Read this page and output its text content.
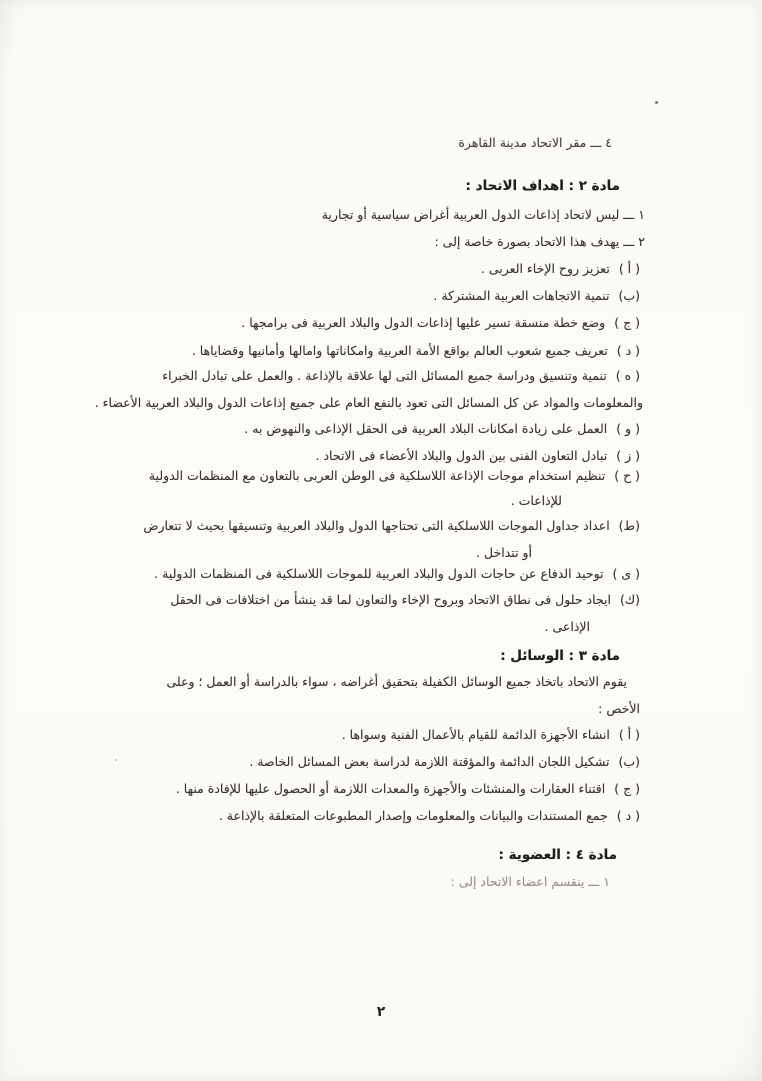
٤ ـــ مقر الاتحاد مدينة القاهرة
مادة ٢ : اهداف الاتحاد :
١ ـــ ليس لاتحاد إذاعات الدول العربية أغراض سياسية أو تجارية
٢ ـــ يهدف هذا الاتحاد بصورة خاصة إلى :
( أ )تعزيز روح الإخاء العربى .
(ب)تنمية الاتجاهات العربية المشتركة .
( ج )وضع خطة منسقة تسير عليها إذاعات الدول والبلاد العربية فى برامجها .
( د )تعريف جميع شعوب العالم بواقع الأمة العربية وامكاناتها وامالها وأمانيها وقضاياها .
( ه )تنمية وتنسيق ودراسة جميع المسائل التى لها علاقة بالإذاعة . والعمل على تبادل الخبراء
والمعلومات والمواد عن كل المسائل التى تعود بالنفع العام على جميع إذاعات الدول والبلاد العربية الأعضاء .
( و )العمل على زيادة امكانات البلاد العربية فى الحقل الإذاعى والنهوض به .
( ز )تبادل التعاون الفنى بين الدول والبلاد الأعضاء فى الاتحاد .
( ح )تنظيم استخدام موجات الإذاعة اللاسلكية فى الوطن العربى بالتعاون مع المنظمات الدولية
للإذاعات .
(ط)اعداد جداول الموجات اللاسلكية التى تحتاجها الدول والبلاد العربية وتنسيقها بحيث لا تتعارض
أو تتداخل .
( ى )توحيد الدفاع عن حاجات الدول والبلاد العربية للموجات اللاسلكية فى المنظمات الدولية .
(ك)ايجاد حلول فى نطاق الاتحاد وبروح الإخاء والتعاون لما قد ينشأ من اختلافات فى الحقل
الإذاعى .
مادة ٣ : الوسائل :
يقوم الاتحاد باتخاذ جميع الوسائل الكفيلة بتحقيق أغراضه ، سواء بالدراسة أو العمل ؛ وعلى
الأخص :
( أ )انشاء الأجهزة الدائمة للقيام بالأعمال الفنية وسواها .
(ب)تشكيل اللجان الدائمة والمؤقتة اللازمة لدراسة بعض المسائل الخاصة .
( ج )اقتناء العقارات والمنشئات والأجهزة والمعدات اللازمة أو الحصول عليها للإفادة منها .
( د )جمع المستندات والبيانات والمعلومات وإصدار المطبوعات المتعلقة بالإذاعة .
مادة ٤ : العضوية :
١ ـــ ينقسم اعضاء الاتحاد إلى :
٢
